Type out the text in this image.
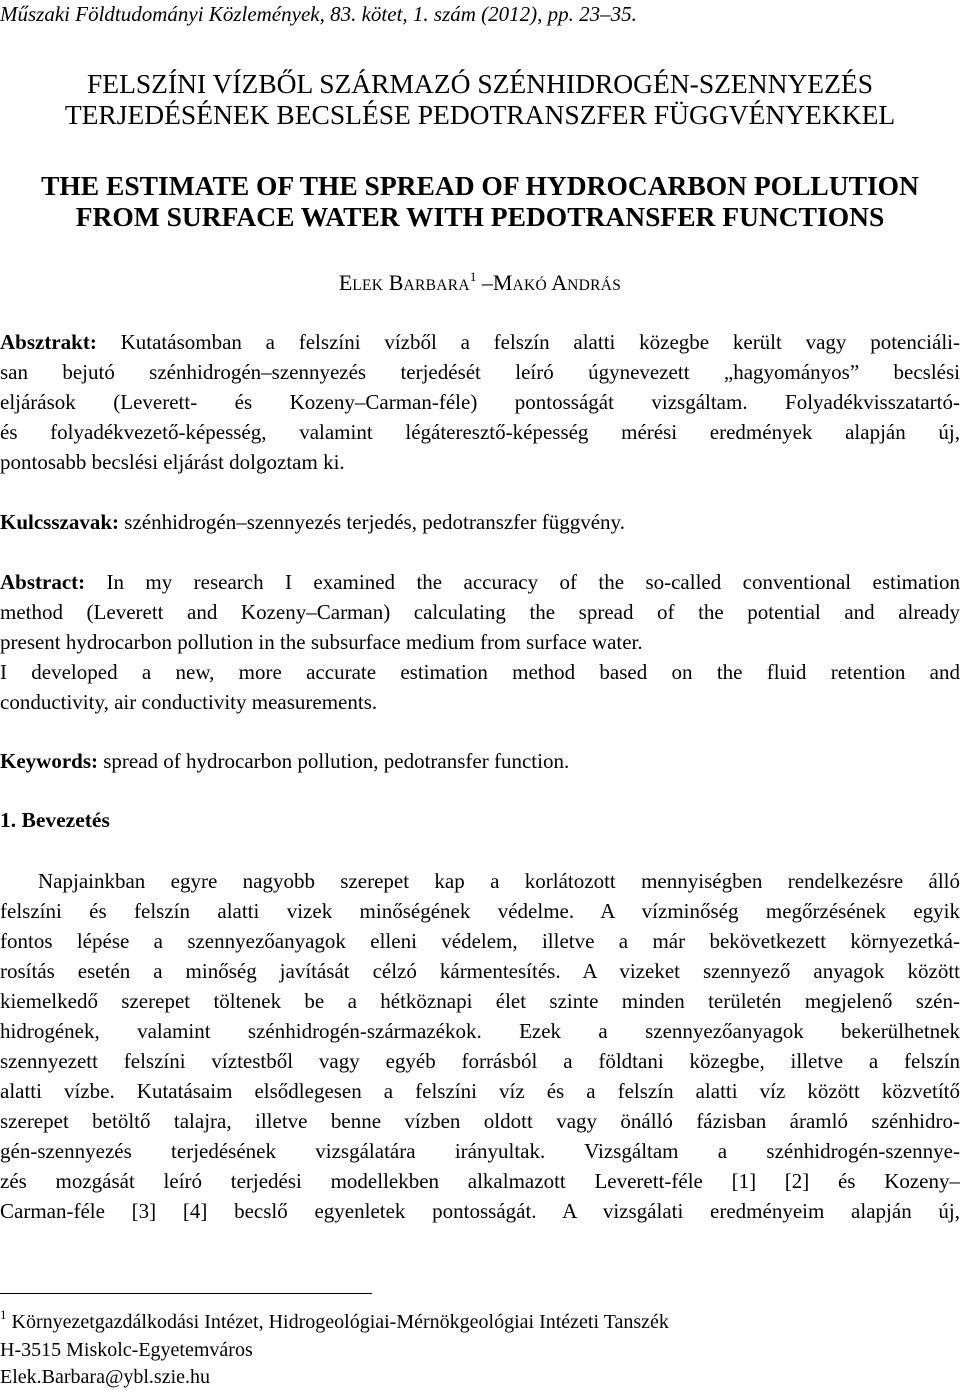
Műszaki Földtudományi Közlemények, 83. kötet, 1. szám (2012), pp. 23–35.
FELSZÍNI VÍZBŐL SZÁRMAZÓ SZÉNHIDROGÉN-SZENNYEZÉS
TERJEDÉSÉNEK BECSLÉSE PEDOTRANSZFER FÜGGVÉNYEKKEL
THE ESTIMATE OF THE SPREAD OF HYDROCARBON POLLUTION
FROM SURFACE WATER WITH PEDOTRANSFER FUNCTIONS
ELEK BARBARA$^1$ –MAKÓ ANDRÁS

Absztrakt: Kutatásomban a felszíni vízből a felszín alatti közegbe került vagy potenciáli-
san bejutó szénhidrogén–szennyezés terjedését leíró úgynevezett „hagyományos” becslési
eljárások (Leverett- és Kozeny–Carman-féle) pontosságát vizsgáltam. Folyadékvisszatartó-
és folyadékvezető-képesség, valamint légáteresztő-képesség mérési eredmények alapján új,
pontosabb becslési eljárást dolgoztam ki.

Kulcsszavak: szénhidrogén–szennyezés terjedés, pedotranszfer függvény.

Abstract: In my research I examined the accuracy of the so-called conventional estimation
method (Leverett and Kozeny–Carman) calculating the spread of the potential and already
present hydrocarbon pollution in the subsurface medium from surface water.
I developed a new, more accurate estimation method based on the fluid retention and
conductivity, air conductivity measurements.

Keywords: spread of hydrocarbon pollution, pedotransfer function.

1. Bevezetés

Napjainkban egyre nagyobb szerepet kap a korlátozott mennyiségben rendelkezésre álló
felszíni és felszín alatti vizek minőségének védelme. A vízminőség megőrzésének egyik
fontos lépése a szennyezőanyagok elleni védelem, illetve a már bekövetkezett környezetká-
rosítás esetén a minőség javítását célzó kármentesítés. A vizeket szennyező anyagok között
kiemelkedő szerepet töltenek be a hétköznapi élet szinte minden területén megjelenő szén-
hidrogének, valamint szénhidrogén-származékok. Ezek a szennyezőanyagok bekerülhetnek
szennyezett felszíni víztestből vagy egyéb forrásból a földtani közegbe, illetve a felszín
alatti vízbe. Kutatásaim elsődlegesen a felszíni víz és a felszín alatti víz között közvetítő
szerepet betöltő talajra, illetve benne vízben oldott vagy önálló fázisban áramló szénhidro-
gén-szennyezés terjedésének vizsgálatára irányultak. Vizsgáltam a szénhidrogén-szennye-
zés mozgását leíró terjedési modellekben alkalmazott Leverett-féle [1] [2] és Kozeny–
Carman-féle [3] [4] becslő egyenletek pontosságát. A vizsgálati eredményeim alapján új,

$^1$ Környezetgazdálkodási Intézet, Hidrogeológiai-Mérnökgeológiai Intézeti Tanszék
H-3515 Miskolc-Egyetemváros
Elek.Barbara@ybl.szie.hu
